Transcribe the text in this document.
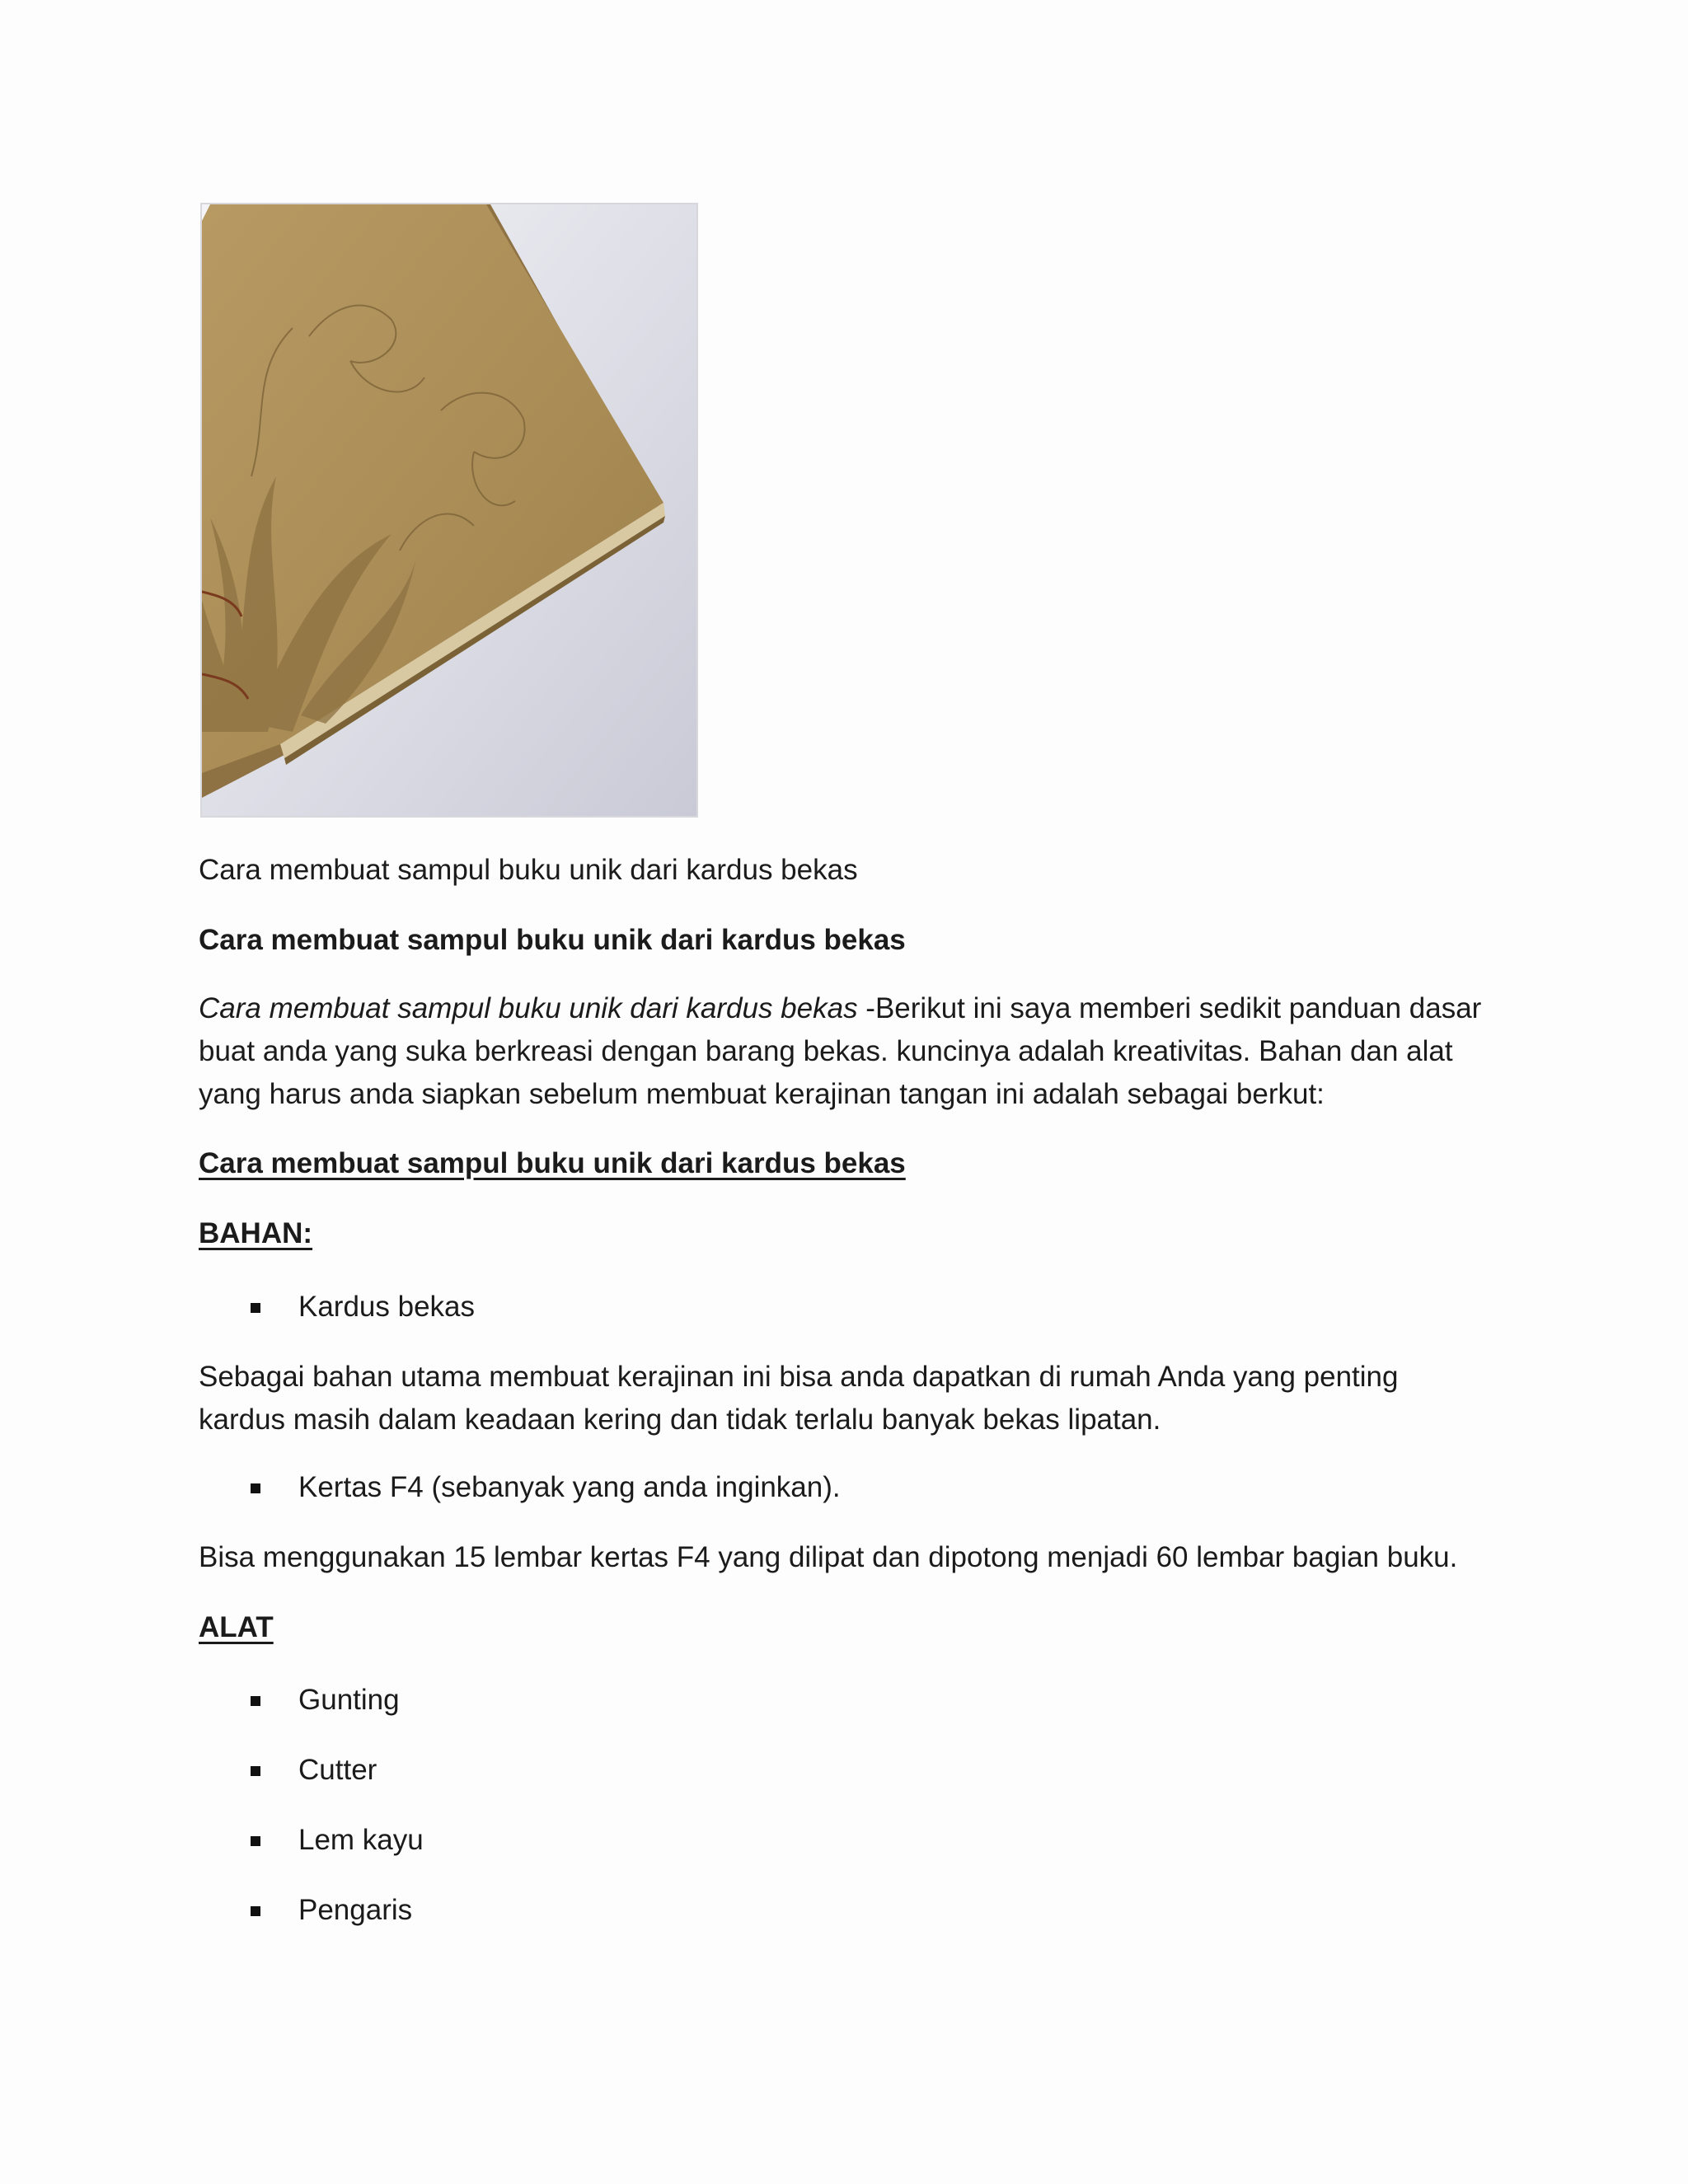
Cara membuat sampul buku unik dari kardus bekas
Cara membuat sampul buku unik dari kardus bekas
Cara membuat sampul buku unik dari kardus bekas -Berikut ini saya memberi sedikit panduan dasar buat anda yang suka berkreasi dengan barang bekas. kuncinya adalah kreativitas. Bahan dan alat yang harus anda siapkan sebelum membuat kerajinan tangan ini adalah sebagai berkut:
Cara membuat sampul buku unik dari kardus bekas
BAHAN:
Kardus bekas
Sebagai bahan utama membuat kerajinan ini bisa anda dapatkan di rumah Anda yang penting kardus masih dalam keadaan kering dan tidak terlalu banyak bekas lipatan.
Kertas F4 (sebanyak yang anda inginkan).
Bisa menggunakan 15 lembar kertas F4 yang dilipat dan dipotong menjadi 60 lembar bagian buku.
ALAT
Gunting
Cutter
Lem kayu
Pengaris
